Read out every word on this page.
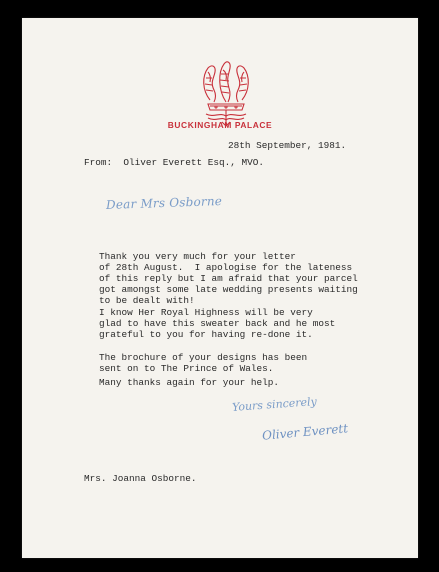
BUCKINGHAM PALACE
28th September, 1981.
From:  Oliver Everett Esq., MVO.
Dear Mrs Osborne
Thank you very much for your letter
of 28th August.  I apologise for the lateness
of this reply but I am afraid that your parcel
got amongst some late wedding presents waiting
to be dealt with!
I know Her Royal Highness will be very
glad to have this sweater back and he most
grateful to you for having re-done it.
The brochure of your designs has been
sent on to The Prince of Wales.
Many thanks again for your help.
Yours sincerely
Oliver Everett
Mrs. Joanna Osborne.
